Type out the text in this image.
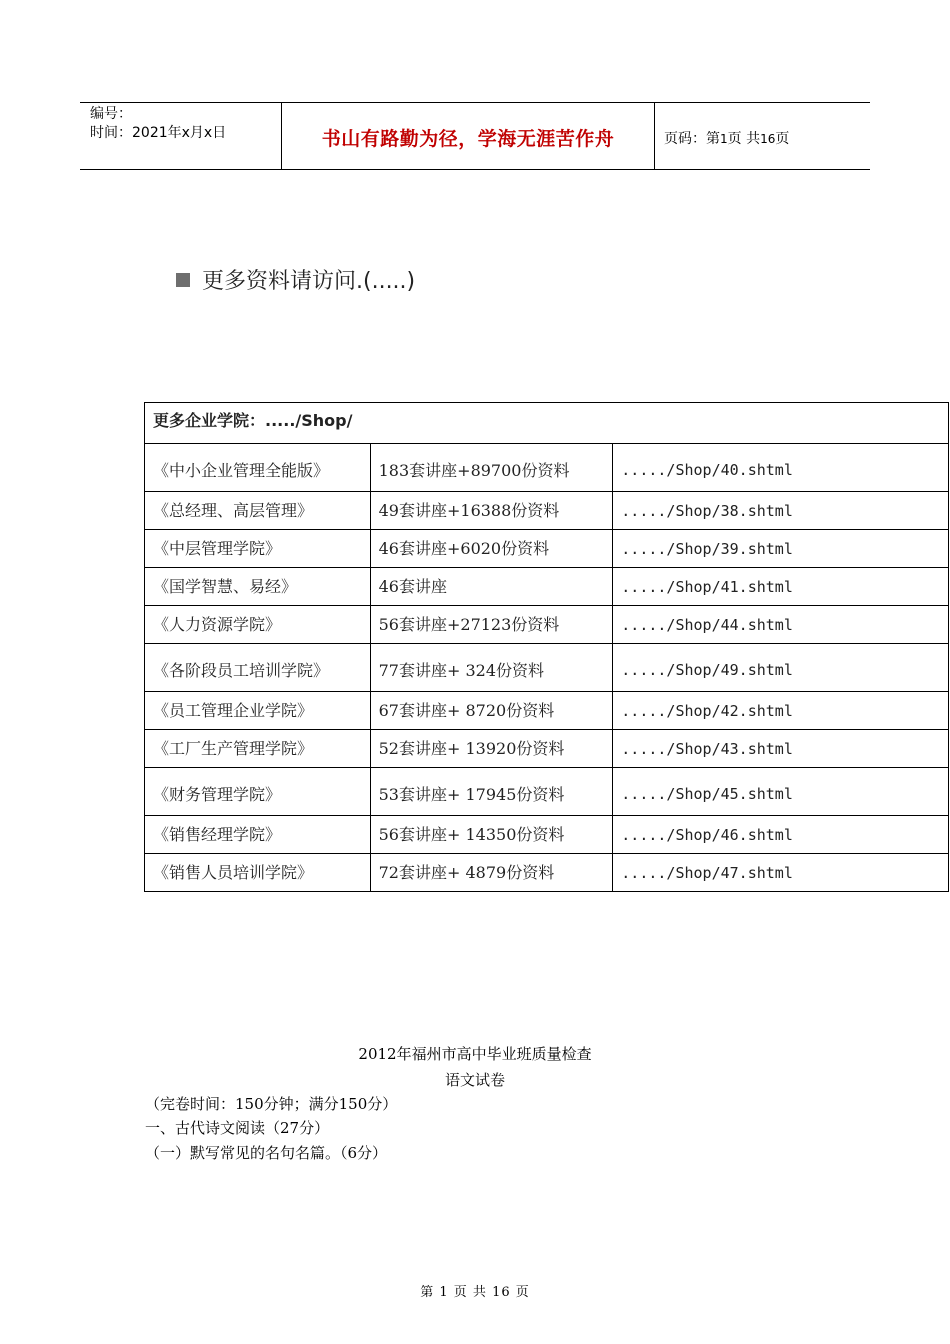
编号：
时间：2021年x月x日	书山有路勤为径，学海无涯苦作舟	页码：第1页 共16页
更多资料请访问.(.....)
更多企业学院：...../Shop/		
《中小企业管理全能版》	183套讲座+89700份资料	...../Shop/40.shtml
《总经理、高层管理》	49套讲座+16388份资料	...../Shop/38.shtml
《中层管理学院》	46套讲座+6020份资料	...../Shop/39.shtml
《国学智慧、易经》	46套讲座	...../Shop/41.shtml
《人力资源学院》	56套讲座+27123份资料	...../Shop/44.shtml
《各阶段员工培训学院》	77套讲座+ 324份资料	...../Shop/49.shtml
《员工管理企业学院》	67套讲座+ 8720份资料	...../Shop/42.shtml
《工厂生产管理学院》	52套讲座+ 13920份资料	...../Shop/43.shtml
《财务管理学院》	53套讲座+ 17945份资料	...../Shop/45.shtml
《销售经理学院》	56套讲座+ 14350份资料	...../Shop/46.shtml
《销售人员培训学院》	72套讲座+ 4879份资料	...../Shop/47.shtml
2012年福州市高中毕业班质量检查
语文试卷
（完卷时间：150分钟；满分150分）
一、古代诗文阅读（27分）
（一）默写常见的名句名篇。（6分）
第 1 页 共 16 页
